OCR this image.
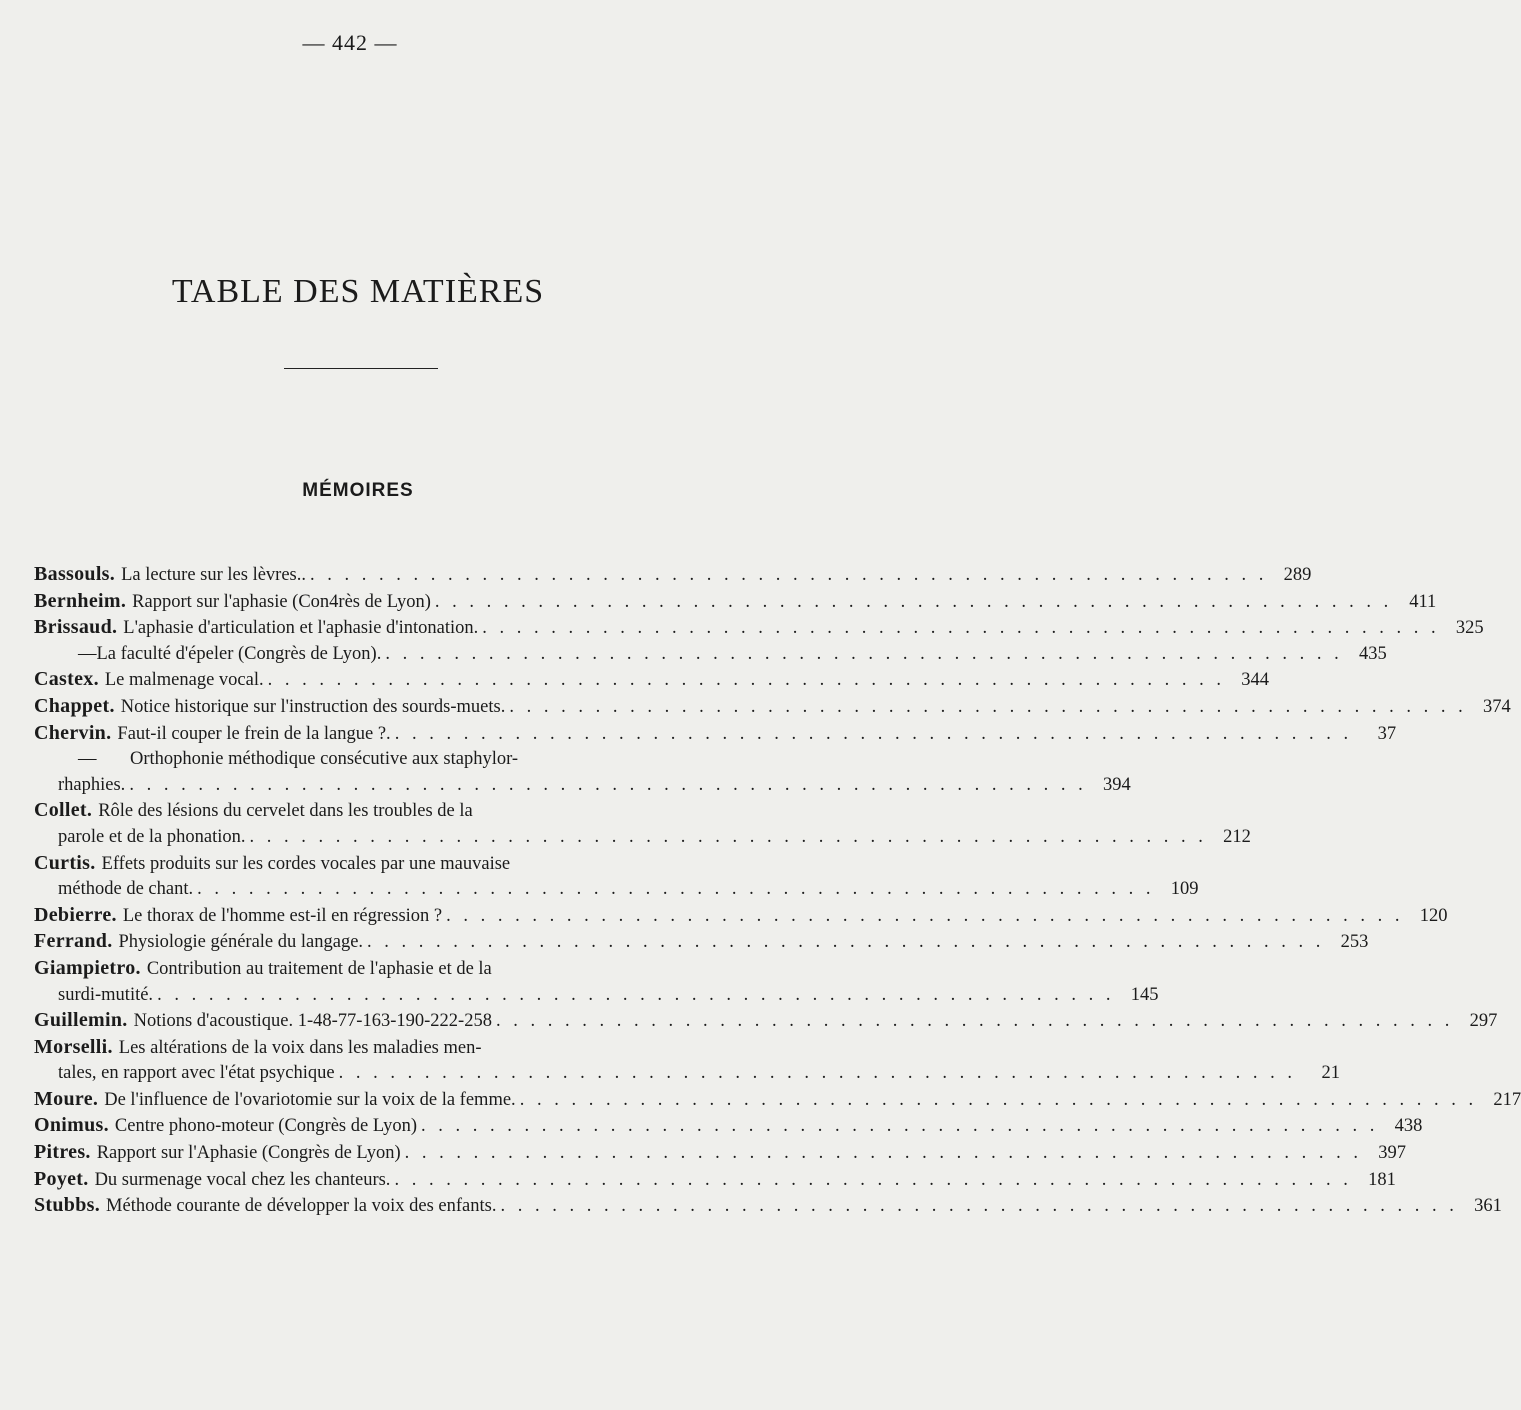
— 442 —
TABLE DES MATIÈRES
MÉMOIRES
Bassouls. La lecture sur les lèvres.. . . .	289
Bernheim. Rapport sur l'aphasie (Con4rès de Lyon) . . .	411
Brissaud. L'aphasie d'articulation et l'aphasie d'intonation. . . .	325
— La faculté d'épeler (Congrès de Lyon). . . .	435
Castex. Le malmenage vocal. . . .	344
Chappet. Notice historique sur l'instruction des sourds-muets. . . .	374
Chervin. Faut-il couper le frein de la langue ?. . . .	37
—	Orthophonie méthodique consécutive aux staphylor-
rhaphies. . . .	394
Collet. Rôle des lésions du cervelet dans les troubles de la
parole et de la phonation. . . .	212
Curtis. Effets produits sur les cordes vocales par une mauvaise
méthode de chant. . . .	109
Debierre. Le thorax de l'homme est-il en régression ? . . .	120
Ferrand. Physiologie générale du langage. . . .	253
Giampietro. Contribution au traitement de l'aphasie et de la
surdi-mutité. . . .	145
Guillemin. Notions d'acoustique. 1-48-77-163-190-222-258 . . .	297
Morselli. Les altérations de la voix dans les maladies men-
tales, en rapport avec l'état psychique . . .	21
Moure. De l'influence de l'ovariotomie sur la voix de la femme. . . .	217
Onimus. Centre phono-moteur (Congrès de Lyon) . . .	438
Pitres. Rapport sur l'Aphasie (Congrès de Lyon) . . .	397
Poyet. Du surmenage vocal chez les chanteurs. . . .	181
Stubbs. Méthode courante de développer la voix des enfants. . . .	361
